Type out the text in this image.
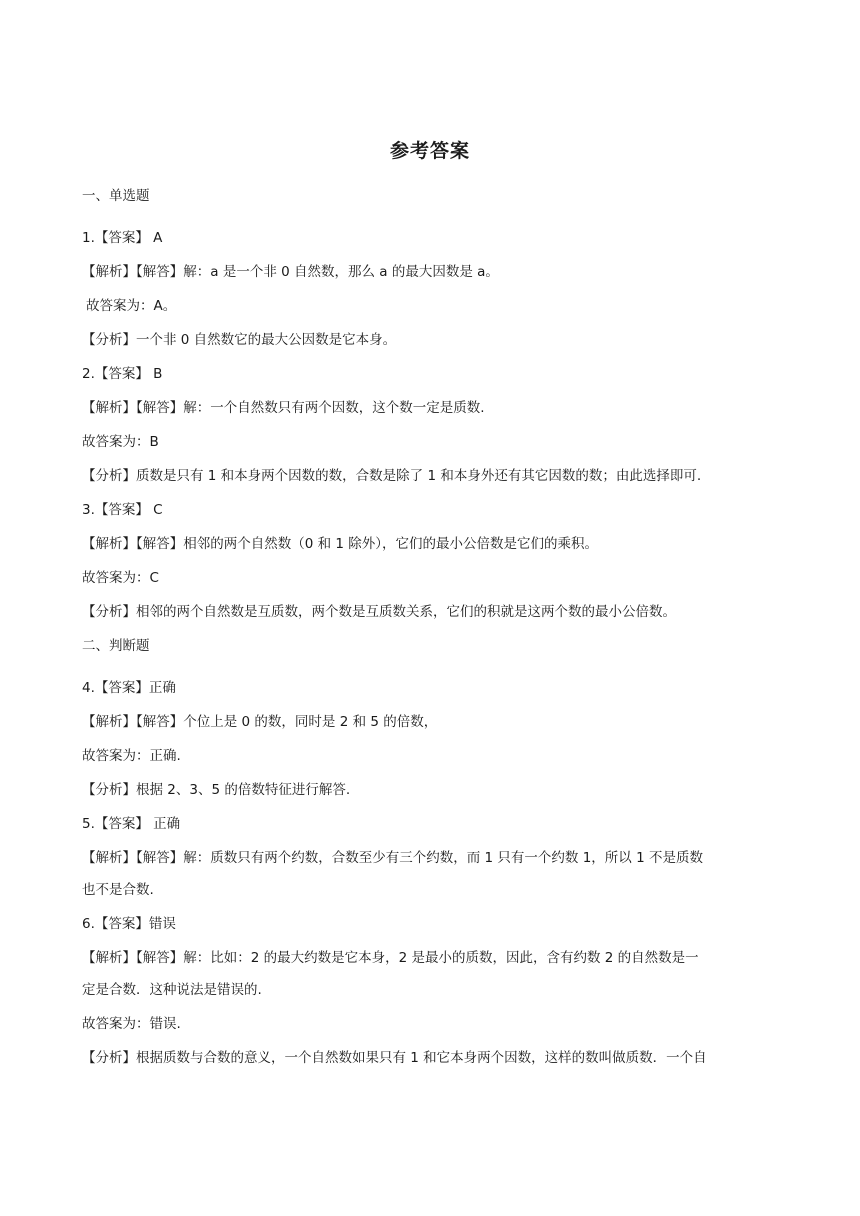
参考答案
一、单选题
1.【答案】 A
【解析】【解答】解：a 是一个非 0 自然数，那么 a 的最大因数是 a。
故答案为：A。
【分析】一个非 0 自然数它的最大公因数是它本身。
2.【答案】 B
【解析】【解答】解：一个自然数只有两个因数，这个数一定是质数.
故答案为：B
【分析】质数是只有 1 和本身两个因数的数，合数是除了 1 和本身外还有其它因数的数；由此选择即可.
3.【答案】 C
【解析】【解答】相邻的两个自然数（0 和 1 除外），它们的最小公倍数是它们的乘积。
故答案为：C
【分析】相邻的两个自然数是互质数，两个数是互质数关系，它们的积就是这两个数的最小公倍数。
二、判断题
4.【答案】正确
【解析】【解答】个位上是 0 的数，同时是 2 和 5 的倍数，
故答案为：正确.
【分析】根据 2、3、5 的倍数特征进行解答.
5.【答案】 正确
【解析】【解答】解：质数只有两个约数，合数至少有三个约数，而 1 只有一个约数 1，所以 1 不是质数
也不是合数.
6.【答案】错误
【解析】【解答】解：比如：2 的最大约数是它本身，2 是最小的质数，因此，含有约数 2 的自然数是一
定是合数．这种说法是错误的.
故答案为：错误.
【分析】根据质数与合数的意义，一个自然数如果只有 1 和它本身两个因数，这样的数叫做质数．一个自
